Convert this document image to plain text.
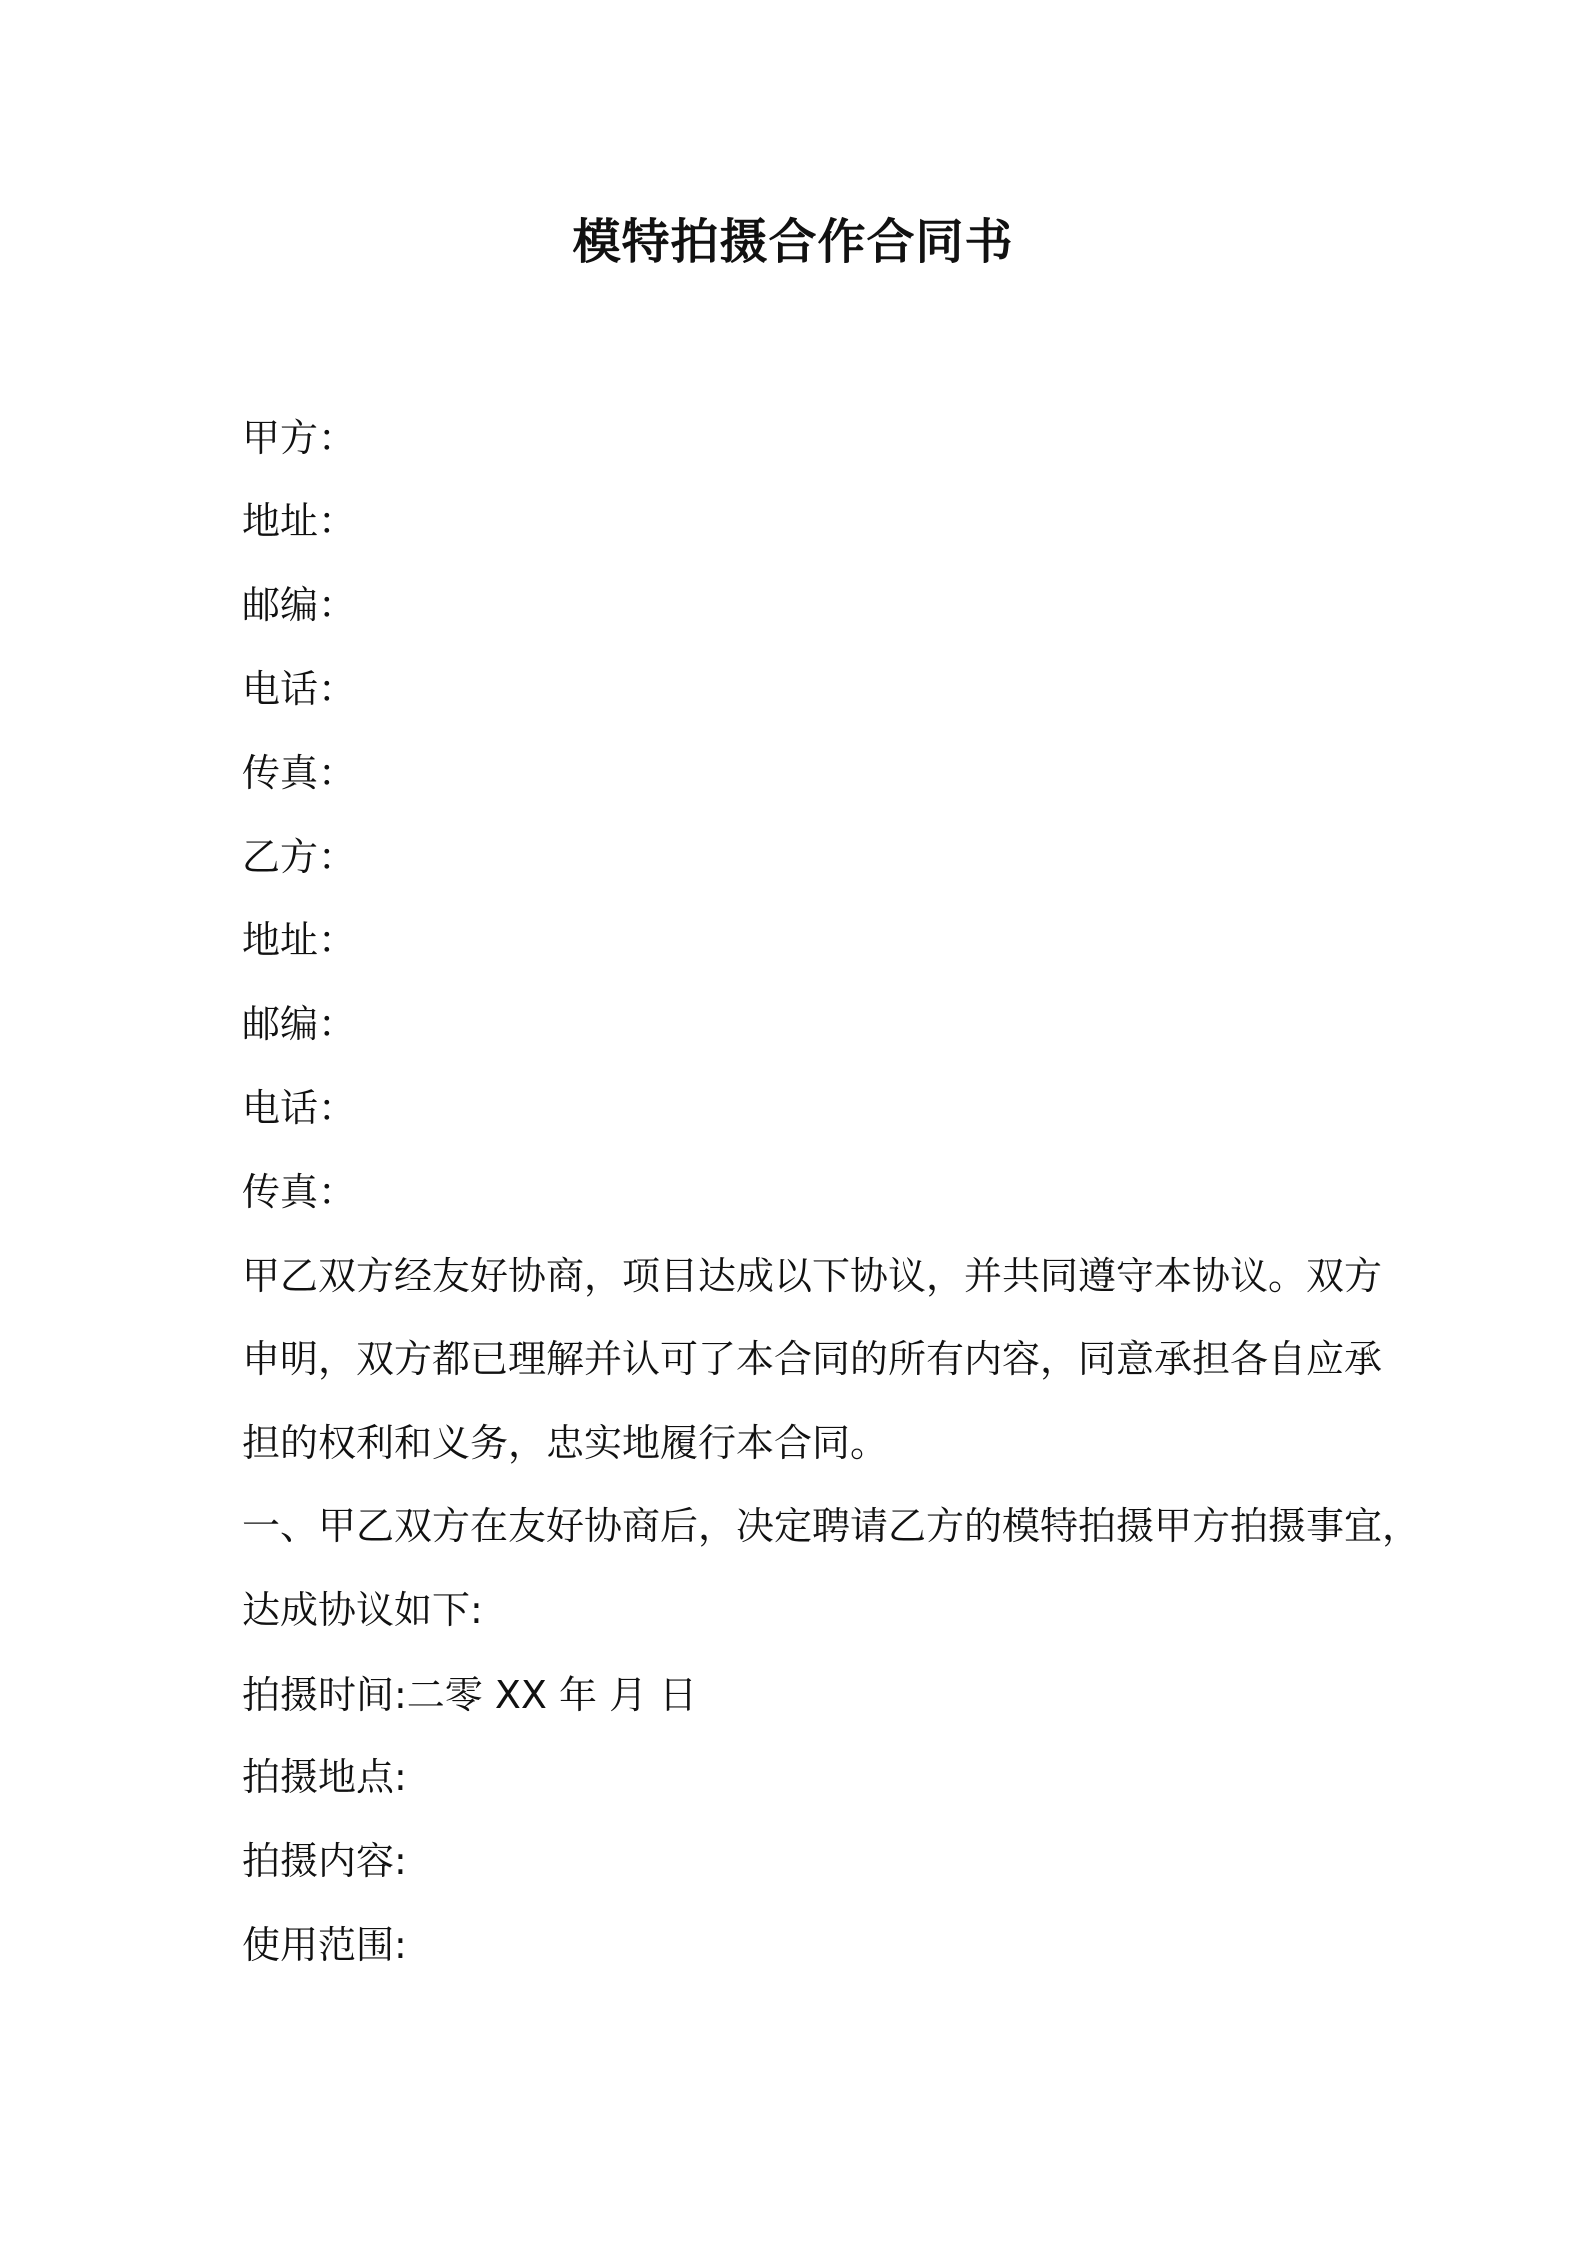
模特拍摄合作合同书
甲方：
地址：
邮编：
电话：
传真：
乙方：
地址：
邮编：
电话：
传真：
甲乙双方经友好协商，项目达成以下协议，并共同遵守本协议。双方
申明，双方都已理解并认可了本合同的所有内容，同意承担各自应承
担的权利和义务，忠实地履行本合同。
一、甲乙双方在友好协商后，决定聘请乙方的模特拍摄甲方拍摄事宜，
达成协议如下:
拍摄时间:二零 XX 年 月 日
拍摄地点:
拍摄内容:
使用范围:
